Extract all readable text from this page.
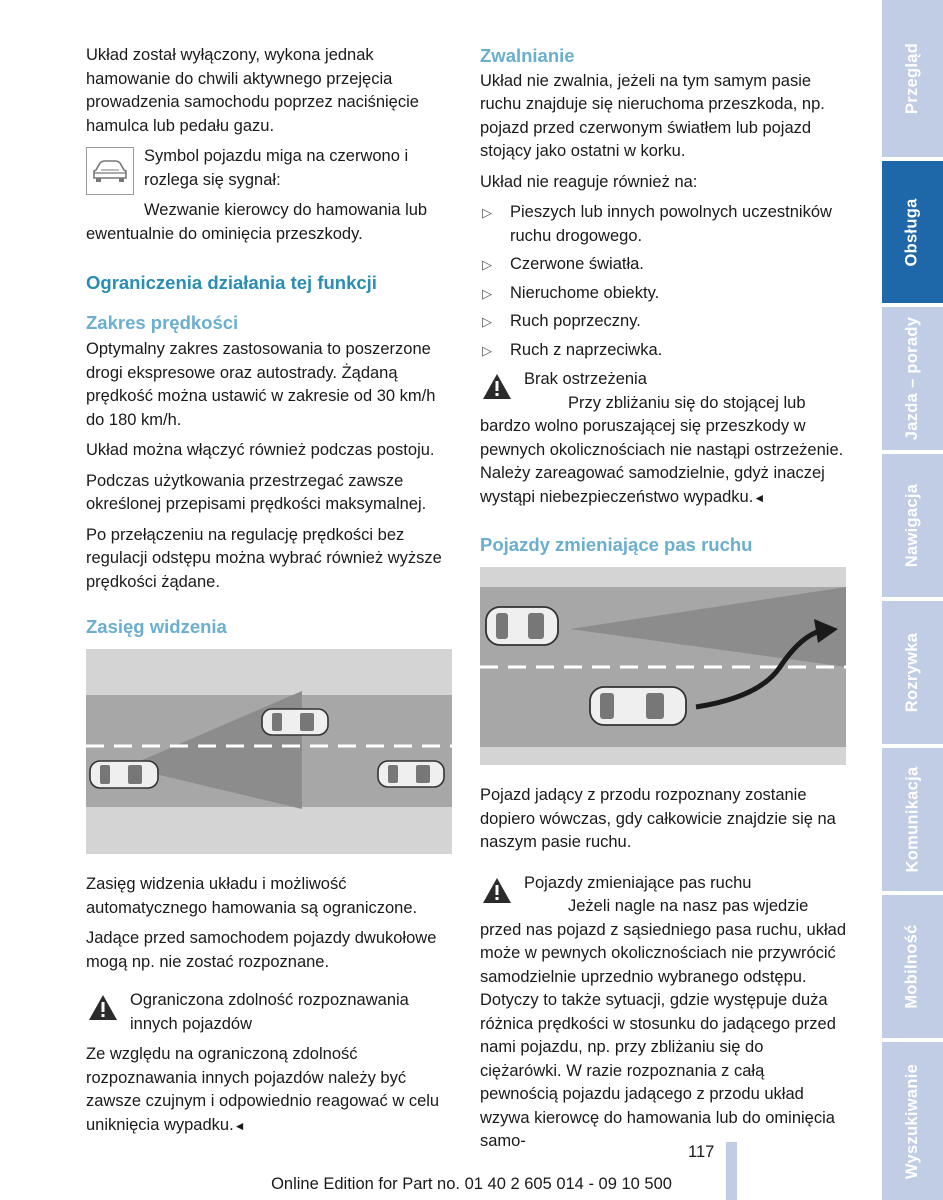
Układ został wyłączony, wykona jednak hamowanie do chwili aktywnego przejęcia prowadzenia samochodu poprzez naciśnięcie hamulca lub pedału gazu.

Symbol pojazdu miga na czerwono i rozlega się sygnał:

Wezwanie kierowcy do hamowania lub ewentualnie do ominięcia przeszkody.

Ograniczenia działania tej funkcji
Zakres prędkości

Optymalny zakres zastosowania to poszerzone drogi ekspresowe oraz autostrady. Żądaną prędkość można ustawić w zakresie od 30 km/h do 180 km/h.

Układ można włączyć również podczas postoju.

Podczas użytkowania przestrzegać zawsze określonej przepisami prędkości maksymalnej.

Po przełączeniu na regulację prędkości bez regulacji odstępu można wybrać również wyższe prędkości żądane.

Zasięg widzenia

Zasięg widzenia układu i możliwość automatycznego hamowania są ograniczone.

Jadące przed samochodem pojazdy dwukołowe mogą np. nie zostać rozpoznane.

Ograniczona zdolność rozpoznawania innych pojazdów

Ze względu na ograniczoną zdolność rozpoznawania innych pojazdów należy być zawsze czujnym i odpowiednio reagować w celu uniknięcia wypadku.◄

Zwalnianie

Układ nie zwalnia, jeżeli na tym samym pasie ruchu znajduje się nieruchoma przeszkoda, np. pojazd przed czerwonym światłem lub pojazd stojący jako ostatni w korku.

Układ nie reaguje również na:

▷ Pieszych lub innych powolnych uczestników ruchu drogowego.
▷ Czerwone światła.
▷ Nieruchome obiekty.
▷ Ruch poprzeczny.
▷ Ruch z naprzeciwka.

Brak ostrzeżenia

Przy zbliżaniu się do stojącej lub bardzo wolno poruszającej się przeszkody w pewnych okolicznościach nie nastąpi ostrzeżenie. Należy zareagować samodzielnie, gdyż inaczej wystąpi niebezpieczeństwo wypadku.◄

Pojazdy zmieniające pas ruchu

Pojazd jadący z przodu rozpoznany zostanie dopiero wówczas, gdy całkowicie znajdzie się na naszym pasie ruchu.

Pojazdy zmieniające pas ruchu

Jeżeli nagle na nasz pas wjedzie przed nas pojazd z sąsiedniego pasa ruchu, układ może w pewnych okolicznościach nie przywrócić samodzielnie uprzednio wybranego odstępu. Dotyczy to także sytuacji, gdzie występuje duża różnica prędkości w stosunku do jadącego przed nami pojazdu, np. przy zbliżaniu się do ciężarówki. W razie rozpoznania z całą pewnością pojazdu jadącego z przodu układ wzywa kierowcę do hamowania lub do ominięcia samo-

Przegląd
Obsługa
Jazda – porady
Nawigacja
Rozrywka
Komunikacja
Mobilność
Wyszukiwanie
117
Online Edition for Part no. 01 40 2 605 014 - 09 10 500
